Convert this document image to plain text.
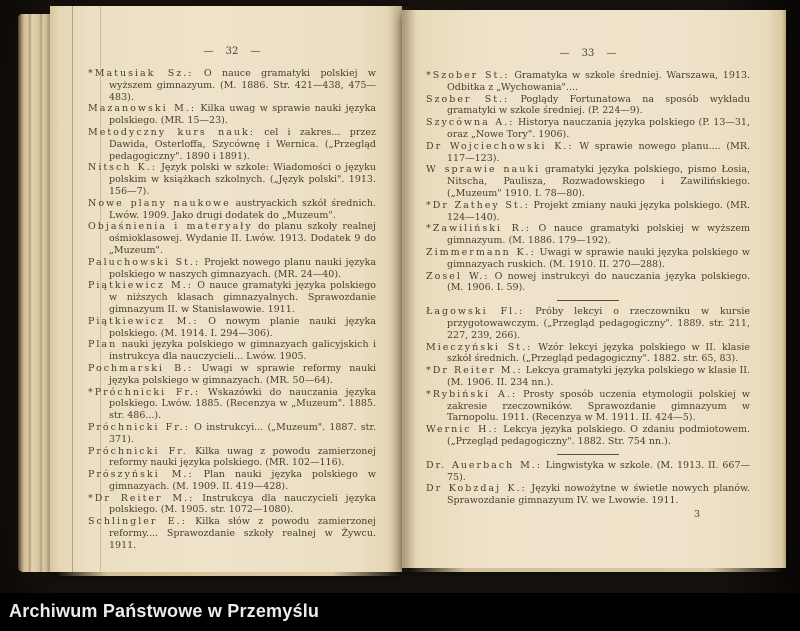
— 32 —

*Matusiak Sz.: O nauce gramatyki polskiej w wyższem gimnazyum. (M. 1886. Str. 421—438, 475—483).

Mazanowski M.: Kilka uwag w sprawie nauki języka polskiego. (MR. 15—23).

Metodyczny kurs nauk: cel i zakres... przez Dawida, Osterloffa, Szycównę i Wernica. („Przegląd pedagogiczny". 1890 i 1891).

Nitsch K.: Język polski w szkole: Wiadomości o języku polskim w książkach szkolnych. („Język polski". 1913. 156—7).

Nowe plany naukowe austryackich szkół średnich. Lwów. 1909. Jako drugi dodatek do „Muzeum".

Objaśnienia i materyały do planu szkoły realnej ośmioklasowej. Wydanie II. Lwów. 1913. Dodatek 9 do „Muzeum".

Paluchowski St.: Projekt nowego planu nauki języka polskiego w naszych gimnazyach. (MR. 24—40).

Piątkiewicz M.: O nauce gramatyki języka polskiego w niższych klasach gimnazyalnych. Sprawozdanie gimnazyum II. w Stanisławowie. 1911.

Piątkiewicz M.: O nowym planie nauki języka polskiego. (M. 1914. I. 294—306).

Plan nauki języka polskiego w gimnazyach galicyjskich i instrukcya dla nauczycieli... Lwów. 1905.

Pochmarski B.: Uwagi w sprawie reformy nauki języka polskiego w gimnazyach. (MR. 50—64).

*Próchnicki Fr.: Wskazówki do nauczania języka polskiego. Lwów. 1885. (Recenzya w „Muzeum". 1885. str. 486...).

Próchnicki Fr.: O instrukcyi... („Muzeum". 1887. str. 371).

Próchnicki Fr. Kilka uwag z powodu zamierzonej reformy nauki języka polskiego. (MR. 102—116).

Prószyński M.: Plan nauki języka polskiego w gimnazyach. (M. 1909. II. 419—428).

*Dr Reiter M.: Instrukcya dla nauczycieli języka polskiego. (M. 1905. str. 1072—1080).

Schlingler E.: Kilka słów z powodu zamierzonej reformy.... Sprawozdanie szkoły realnej w Żywcu. 1911.

— 33 —

*Szober St.: Gramatyka w szkole średniej. Warszawa, 1913. Odbitka z „Wychowania"....

Szober St.: Poglądy Fortunatowa na sposób wykładu gramatyki w szkole średniej. (P. 224—9).

Szycówna A.: Historya nauczania języka polskiego (P. 13—31, oraz „Nowe Tory". 1906).

Dr Wojciechowski K.: W sprawie nowego planu.... (MR. 117—123).

W sprawie nauki gramatyki języka polskiego, pismo Łosia, Nitscha, Paulisza, Rozwadowskiego i Zawilińskiego. („Muzeum" 1910. I. 78—80).

*Dr Zathey St.: Projekt zmiany nauki języka polskiego. (MR. 124—140).

*Zawiliński R.: O nauce gramatyki polskiej w wyższem gimnazyum. (M. 1886. 179—192).

Zimmermann K.: Uwagi w sprawie nauki języka polskiego w gimnazyach ruskich. (M. 1910. II. 270—288).

Zosel W.: O nowej instrukcyi do nauczania języka polskiego. (M. 1906. I. 59).

Łagowski Fl.: Próby lekcyi o rzeczowniku w kursie przygotowawczym. („Przegląd pedagogiczny". 1889. str. 211, 227, 239, 266).

Mieczyński St.: Wzór lekcyi języka polskiego w II. klasie szkół średnich. („Przegląd pedagogiczny". 1882. str. 65, 83).

*Dr Reiter M.: Lekcya gramatyki języka polskiego w klasie II. (M. 1906. II. 234 nn.).

*Rybiński A.: Prosty sposób uczenia etymologii polskiej w zakresie rzeczowników. Sprawozdanie gimnazyum w Tarnopolu. 1911. (Recenzya w M. 1911. II. 424—5).

Wernic H.: Lekcya języka polskiego. O zdaniu podmiotowem. („Przegląd pedagogiczny". 1882. Str. 754 nn.).

Dr. Auerbach M.: Lingwistyka w szkole. (M. 1913. II. 667—75).

Dr Kobzdaj K.: Języki nowożytne w świetle nowych planów. Sprawozdanie gimnazyum IV. we Lwowie. 1911.

3
Archiwum Państwowe w Przemyślu
